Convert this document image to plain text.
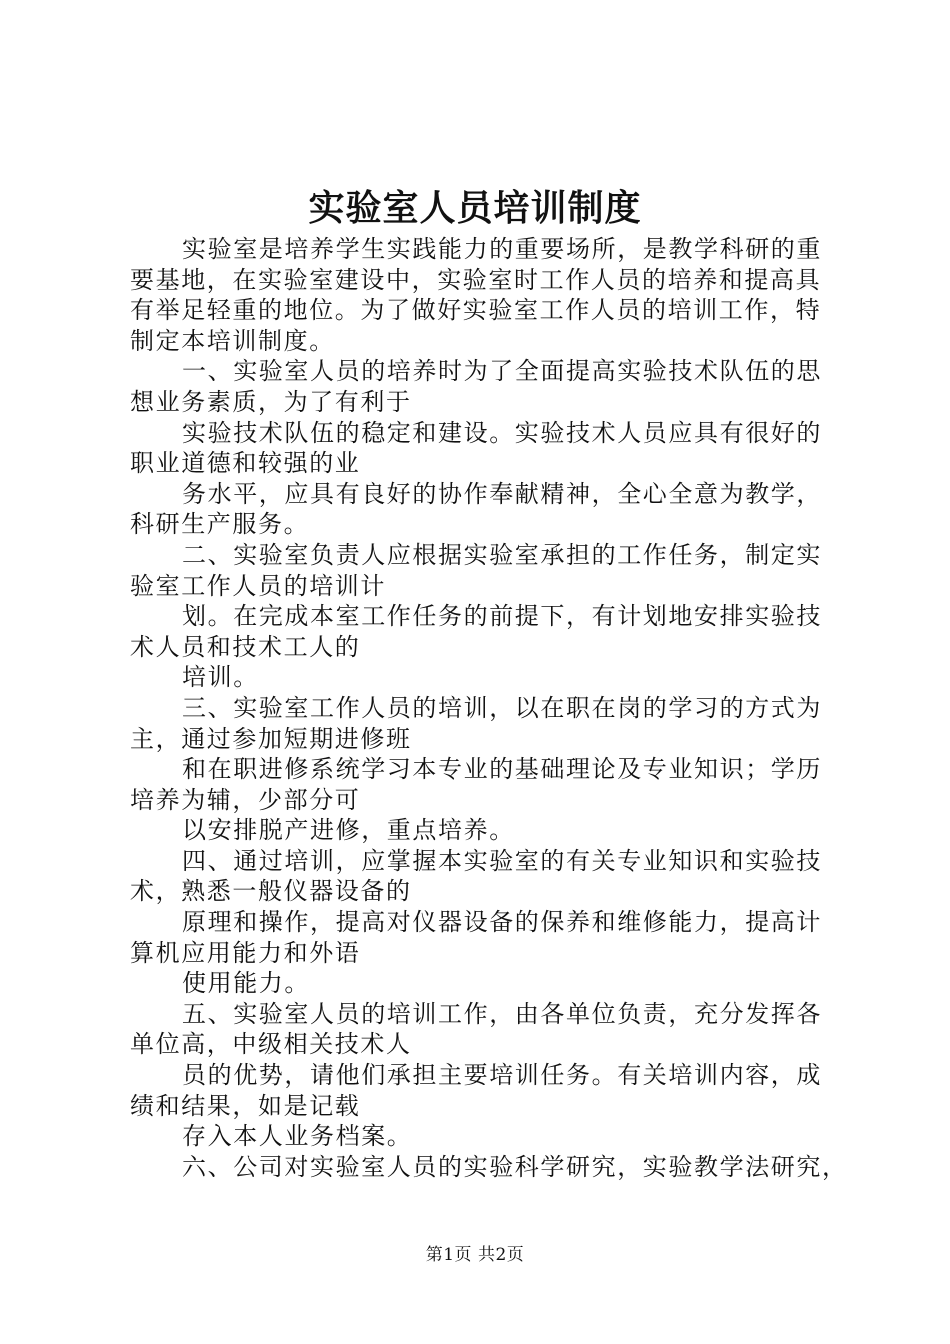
实验室人员培训制度

实验室是培养学生实践能力的重要场所，是教学科研的重

要基地，在实验室建设中，实验室时工作人员的培养和提高具

有举足轻重的地位。为了做好实验室工作人员的培训工作，特

制定本培训制度。

一、实验室人员的培养时为了全面提高实验技术队伍的思

想业务素质，为了有利于

实验技术队伍的稳定和建设。实验技术人员应具有很好的

职业道德和较强的业

务水平，应具有良好的协作奉献精神，全心全意为教学，

科研生产服务。

二、实验室负责人应根据实验室承担的工作任务，制定实

验室工作人员的培训计

划。在完成本室工作任务的前提下，有计划地安排实验技

术人员和技术工人的

培训。

三、实验室工作人员的培训，以在职在岗的学习的方式为

主，通过参加短期进修班

和在职进修系统学习本专业的基础理论及专业知识；学历

培养为辅，少部分可

以安排脱产进修，重点培养。

四、通过培训，应掌握本实验室的有关专业知识和实验技

术，熟悉一般仪器设备的

原理和操作，提高对仪器设备的保养和维修能力，提高计

算机应用能力和外语

使用能力。

五、实验室人员的培训工作，由各单位负责，充分发挥各

单位高，中级相关技术人

员的优势，请他们承担主要培训任务。有关培训内容，成

绩和结果，如是记载

存入本人业务档案。

六、公司对实验室人员的实验科学研究，实验教学法研究，

第1页 共2页
